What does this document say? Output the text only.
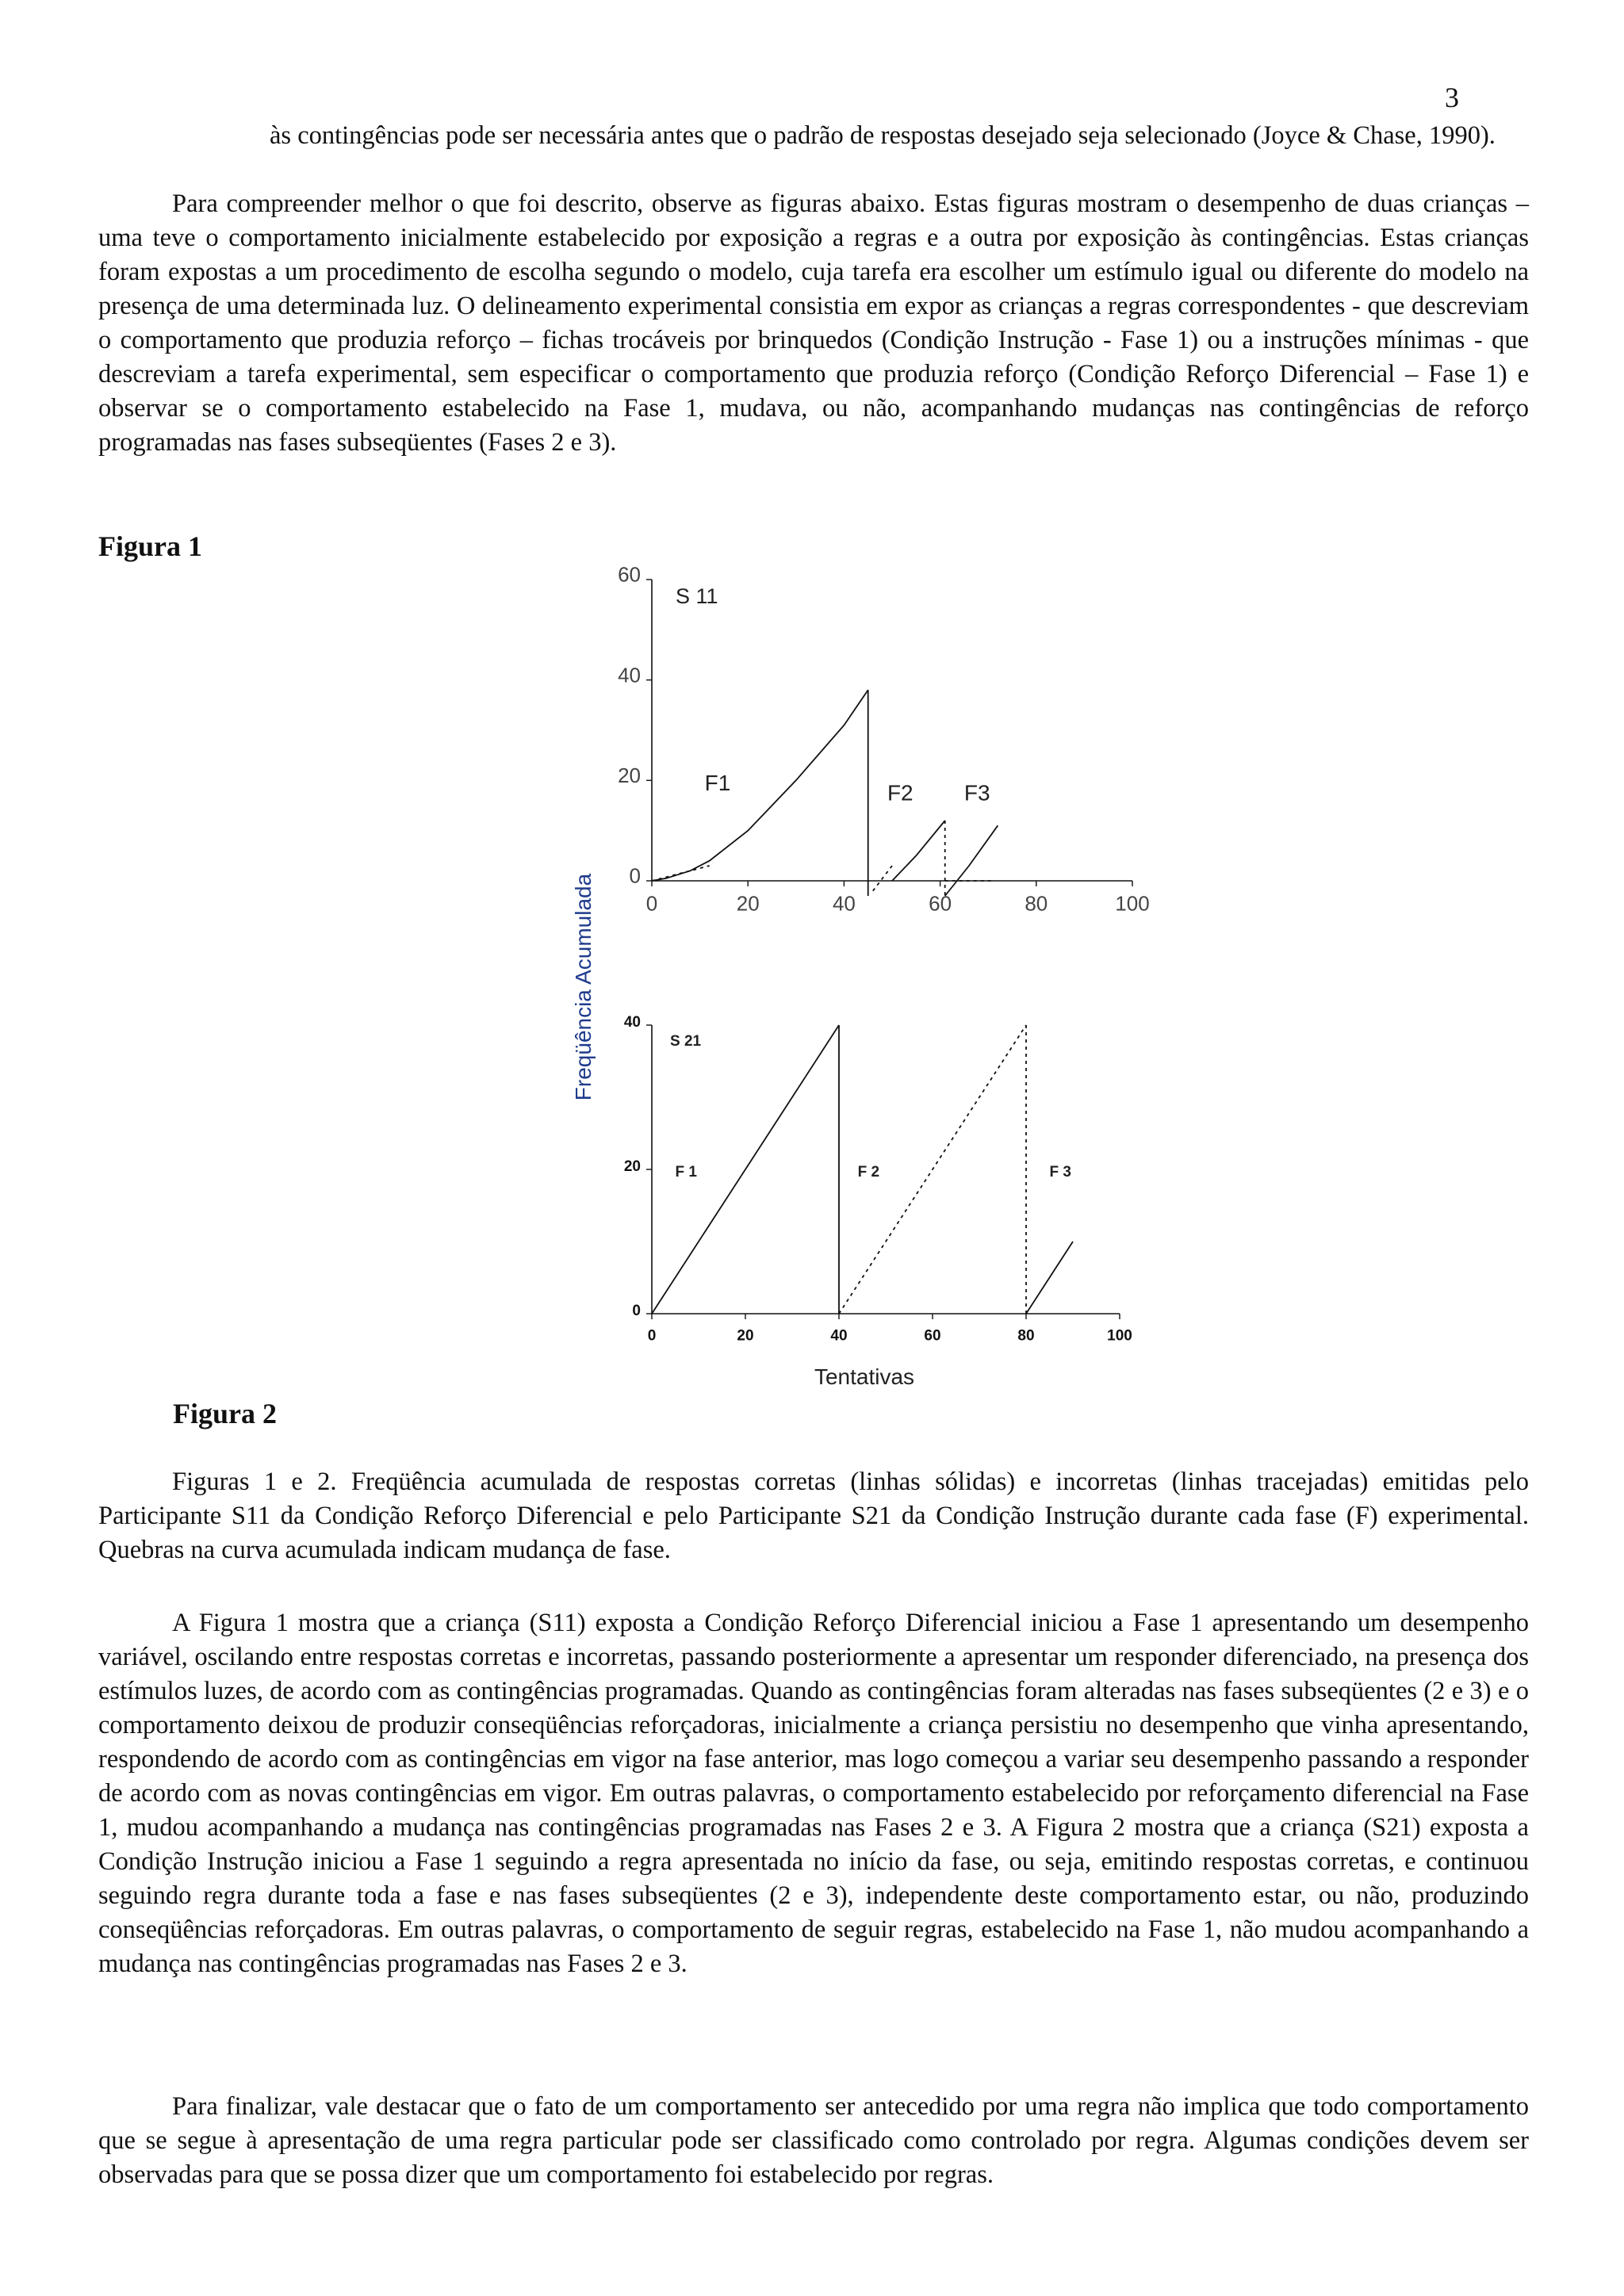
3

às contingências pode ser necessária antes que o padrão de respostas desejado seja selecionado (Joyce & Chase, 1990).

Para compreender melhor o que foi descrito, observe as figuras abaixo. Estas figuras mostram o desempenho de duas crianças – uma teve o comportamento inicialmente estabelecido por exposição a regras e a outra por exposição às contingências. Estas crianças foram expostas a um procedimento de escolha segundo o modelo, cuja tarefa era escolher um estímulo igual ou diferente do modelo na presença de uma determinada luz. O delineamento experimental consistia em expor as crianças a regras correspondentes - que descreviam o comportamento que produzia reforço – fichas trocáveis por brinquedos (Condição Instrução - Fase 1) ou a instruções mínimas - que descreviam a tarefa experimental, sem especificar o comportamento que produzia reforço (Condição Reforço Diferencial – Fase 1) e observar se o comportamento estabelecido na Fase 1, mudava, ou não, acompanhando mudanças nas contingências de reforço programadas nas fases subseqüentes (Fases 2 e 3).

Figura 1
0	20	40	60	80	100
0
20
40
60
S 11
F1	F2 F3
0	20	40	60	80	100
0
20
40
S 21
F 1	F 2	F 3
Freqüência Acumulada
Tentativas
Figura 2

Figuras 1 e 2. Freqüência acumulada de respostas corretas (linhas sólidas) e incorretas (linhas tracejadas) emitidas pelo Participante S11 da Condição Reforço Diferencial e pelo Participante S21 da Condição Instrução durante cada fase (F) experimental. Quebras na curva acumulada indicam mudança de fase.

A Figura 1 mostra que a criança (S11) exposta a Condição Reforço Diferencial iniciou a Fase 1 apresentando um desempenho variável, oscilando entre respostas corretas e incorretas, passando posteriormente a apresentar um responder diferenciado, na presença dos estímulos luzes, de acordo com as contingências programadas. Quando as contingências foram alteradas nas fases subseqüentes (2 e 3) e o comportamento deixou de produzir conseqüências reforçadoras, inicialmente a criança persistiu no desempenho que vinha apresentando, respondendo de acordo com as contingências em vigor na fase anterior, mas logo começou a variar seu desempenho passando a responder de acordo com as novas contingências em vigor. Em outras palavras, o comportamento estabelecido por reforçamento diferencial na Fase 1, mudou acompanhando a mudança nas contingências programadas nas Fases 2 e 3. A Figura 2 mostra que a criança (S21) exposta a Condição Instrução iniciou a Fase 1 seguindo a regra apresentada no início da fase, ou seja, emitindo respostas corretas, e continuou seguindo regra durante toda a fase e nas fases subseqüentes (2 e 3), independente deste comportamento estar, ou não, produzindo conseqüências reforçadoras. Em outras palavras, o comportamento de seguir regras, estabelecido na Fase 1, não mudou acompanhando a mudança nas contingências programadas nas Fases 2 e 3.

Para finalizar, vale destacar que o fato de um comportamento ser antecedido por uma regra não implica que todo comportamento que se segue à apresentação de uma regra particular pode ser classificado como controlado por regra. Algumas condições devem ser observadas para que se possa dizer que um comportamento foi estabelecido por regras.
